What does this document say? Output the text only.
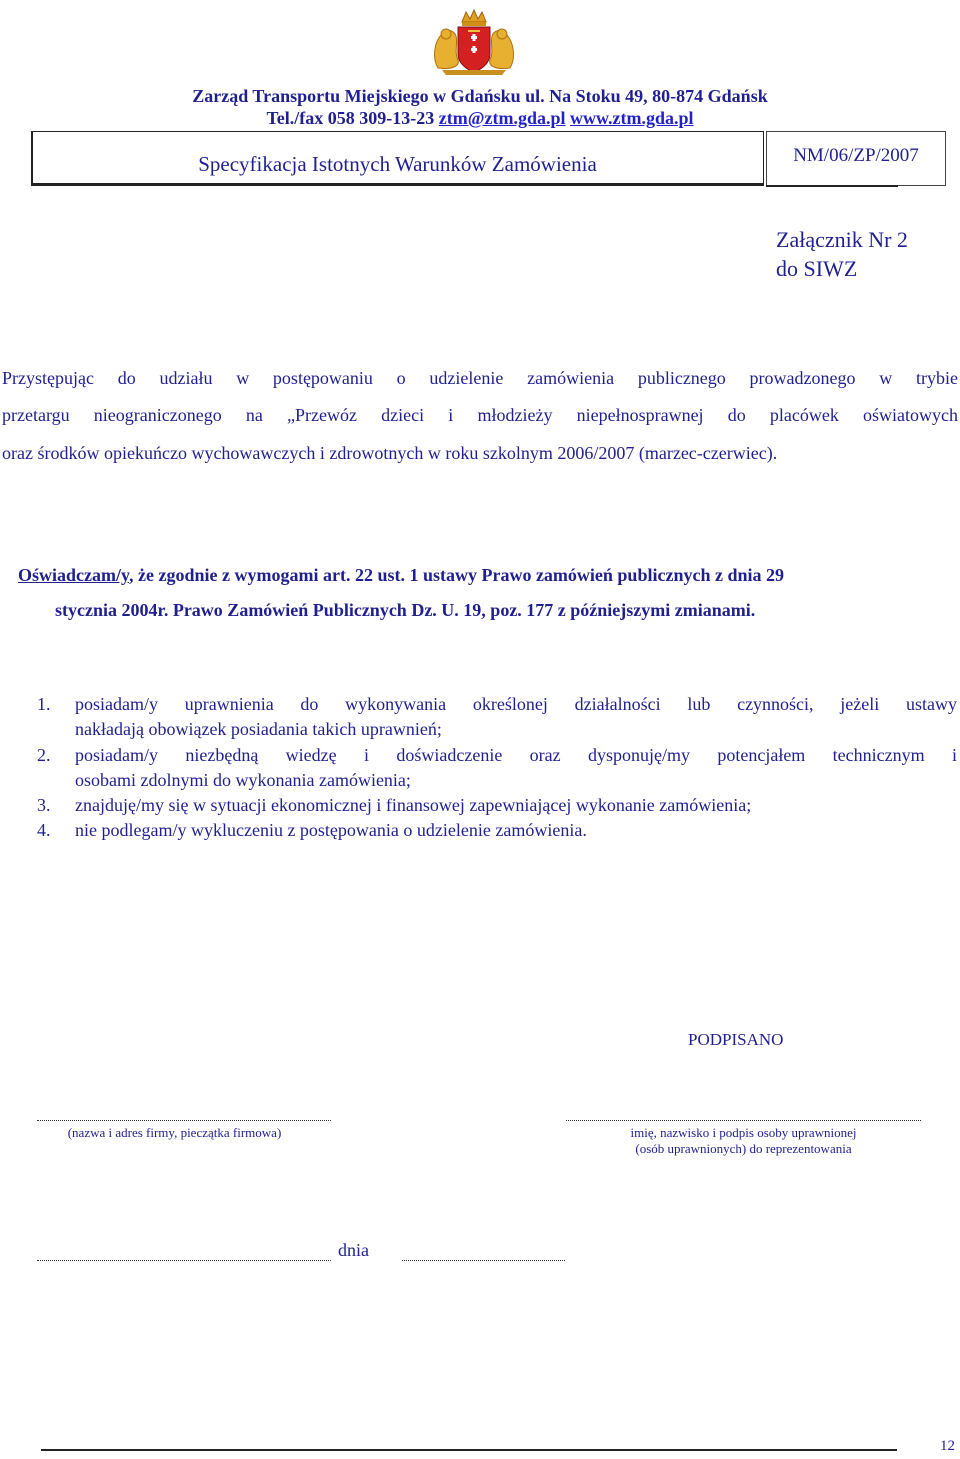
Zarząd Transportu Miejskiego w Gdańsku ul. Na Stoku 49, 80-874 Gdańsk
Tel./fax 058 309-13-23 ztm@ztm.gda.pl www.ztm.gda.pl
Specyfikacja Istotnych Warunków Zamówienia	NM/06/ZP/2007
Załącznik Nr 2
do SIWZ
Przystępując do udziału w postępowaniu o udzielenie zamówienia publicznego prowadzonego w trybie
przetargu nieograniczonego na „Przewóz dzieci i młodzieży niepełnosprawnej do placówek oświatowych
oraz środków opiekuńczo wychowawczych i zdrowotnych w roku szkolnym 2006/2007 (marzec-czerwiec).
Oświadczam/y, że zgodnie z wymogami art. 22 ust. 1 ustawy Prawo zamówień publicznych z dnia 29
stycznia 2004r. Prawo Zamówień Publicznych Dz. U. 19, poz. 177 z późniejszymi zmianami.
1. posiadam/y uprawnienia do wykonywania określonej działalności lub czynności, jeżeli ustawy
nakładają obowiązek posiadania takich uprawnień;
2. posiadam/y niezbędną wiedzę i doświadczenie oraz dysponuję/my potencjałem technicznym i
osobami zdolnymi do wykonania zamówienia;
3. znajduję/my się w sytuacji ekonomicznej i finansowej zapewniającej wykonanie zamówienia;
4. nie podlegam/y wykluczeniu z postępowania o udzielenie zamówienia.
PODPISANO
(nazwa i adres firmy, pieczątka firmowa)	imię, nazwisko i podpis osoby uprawnionej
(osób uprawnionych) do reprezentowania
dnia
12
